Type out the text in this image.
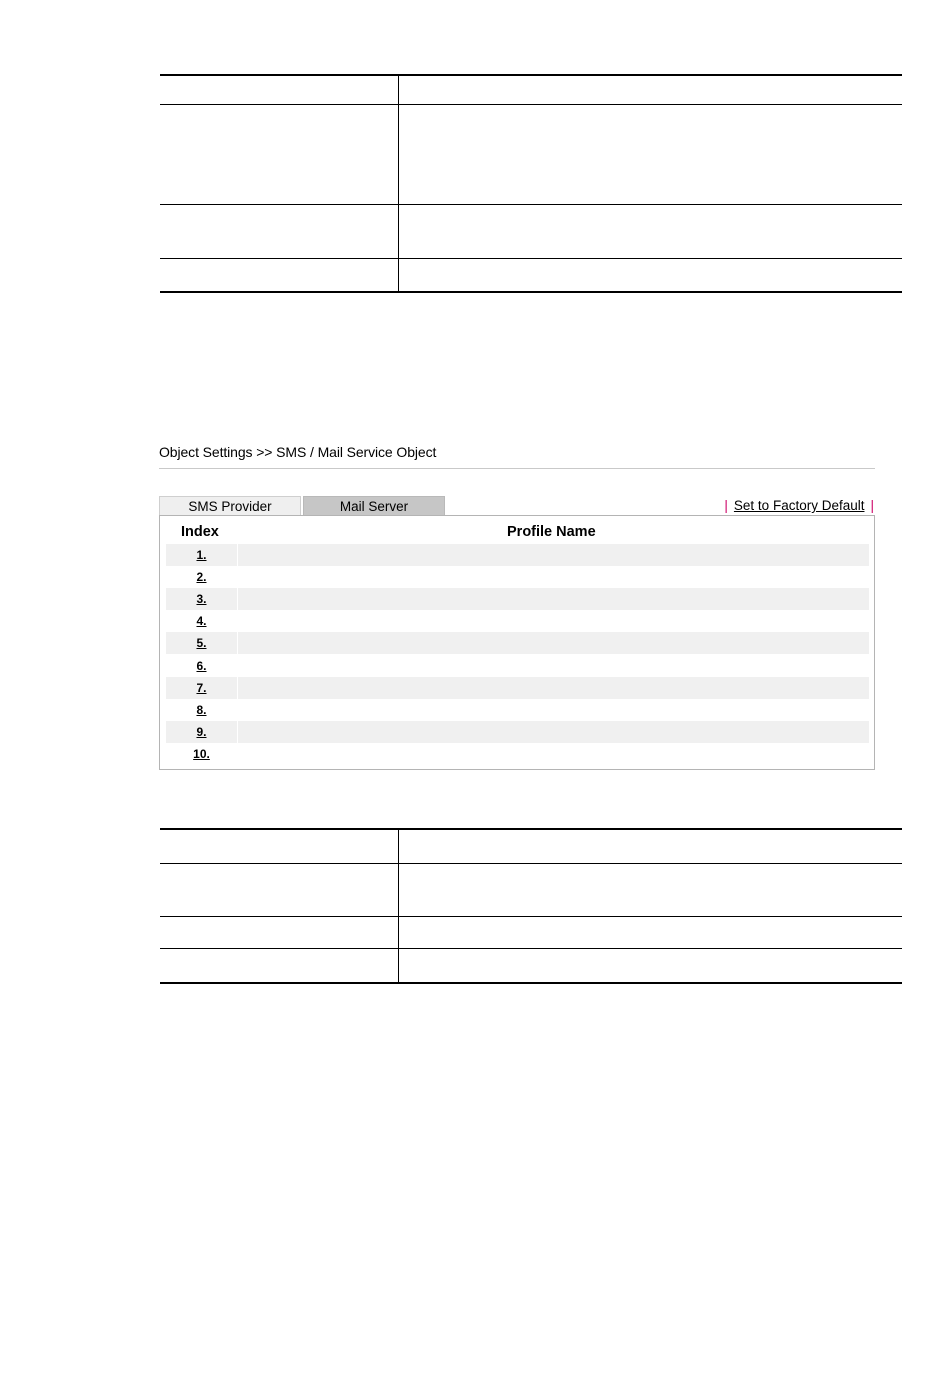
Object Settings >> SMS / Mail Service Object
SMS Provider	Mail Server	| Set to Factory Default |
Index	Profile Name
1.
2.
3.
4.
5.
6.
7.
8.
9.
10.
